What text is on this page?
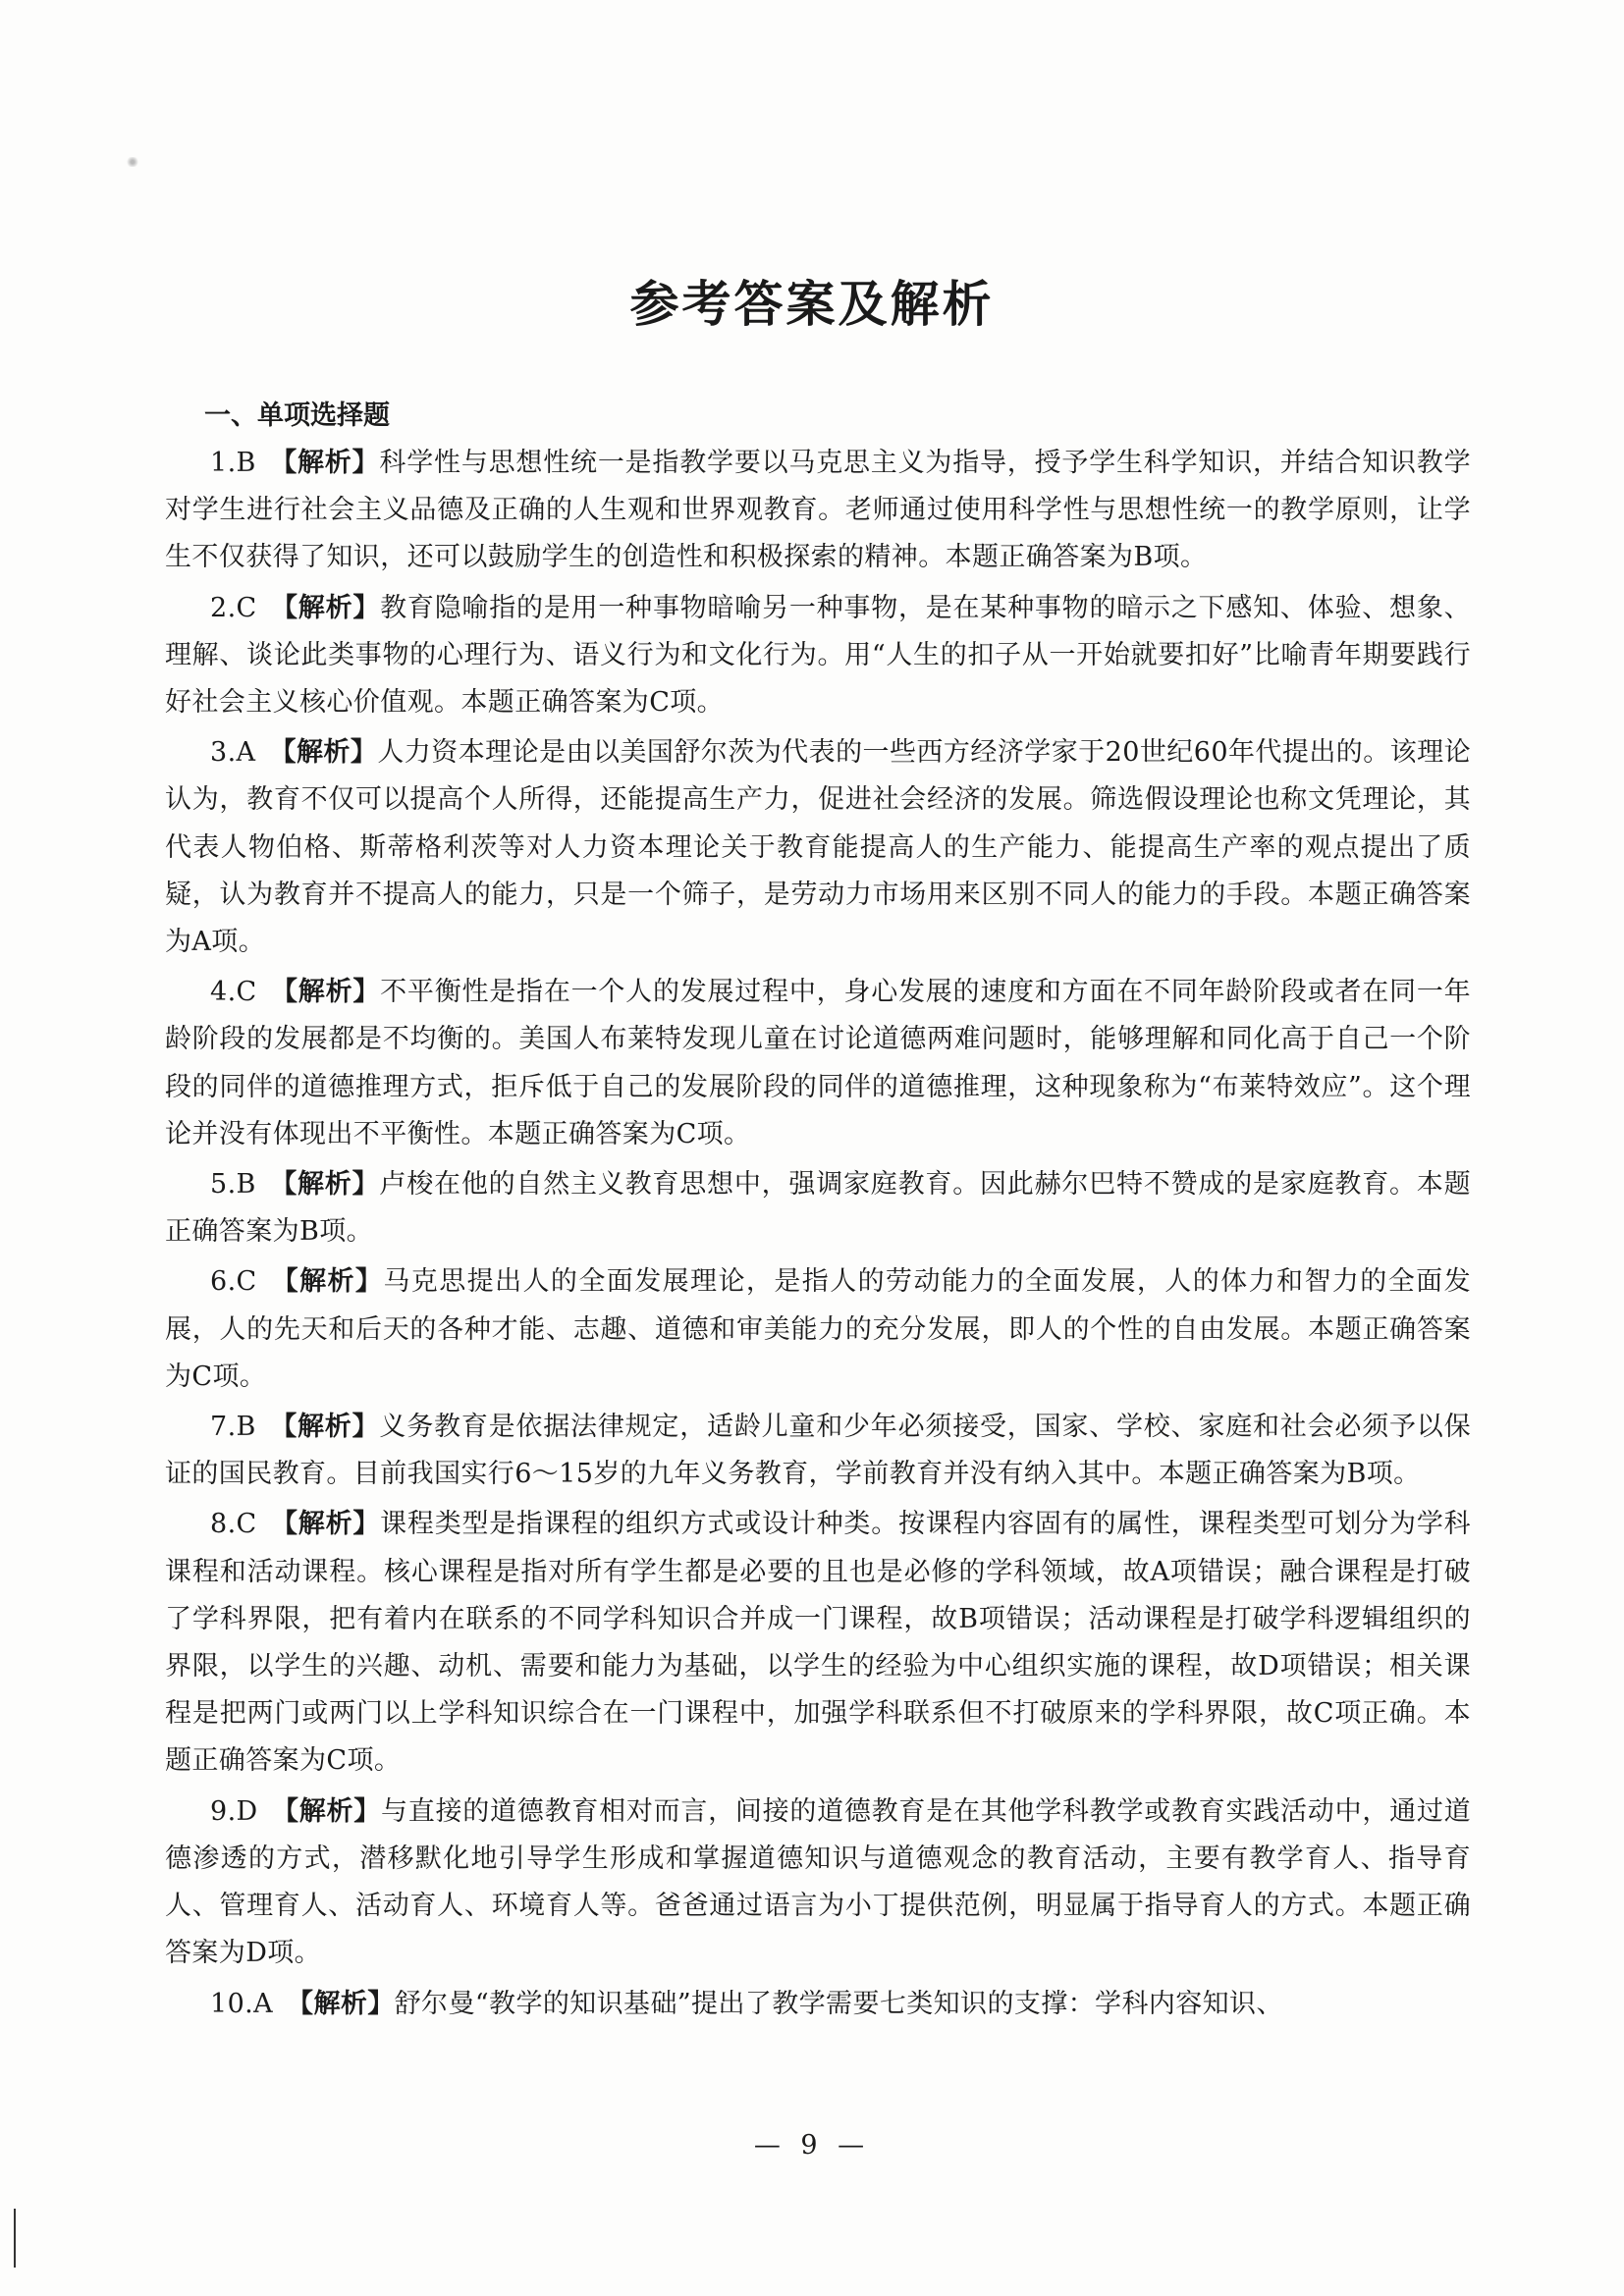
参考答案及解析

一、单项选择题

1.B 【解析】科学性与思想性统一是指教学要以马克思主义为指导，授予学生科学知识，并结合知识教学对学生进行社会主义品德及正确的人生观和世界观教育。老师通过使用科学性与思想性统一的教学原则，让学生不仅获得了知识，还可以鼓励学生的创造性和积极探索的精神。本题正确答案为B项。

2.C 【解析】教育隐喻指的是用一种事物暗喻另一种事物，是在某种事物的暗示之下感知、体验、想象、理解、谈论此类事物的心理行为、语义行为和文化行为。用“人生的扣子从一开始就要扣好”比喻青年期要践行好社会主义核心价值观。本题正确答案为C项。

3.A 【解析】人力资本理论是由以美国舒尔茨为代表的一些西方经济学家于20世纪60年代提出的。该理论认为，教育不仅可以提高个人所得，还能提高生产力，促进社会经济的发展。筛选假设理论也称文凭理论，其代表人物伯格、斯蒂格利茨等对人力资本理论关于教育能提高人的生产能力、能提高生产率的观点提出了质疑，认为教育并不提高人的能力，只是一个筛子，是劳动力市场用来区别不同人的能力的手段。本题正确答案为A项。

4.C 【解析】不平衡性是指在一个人的发展过程中，身心发展的速度和方面在不同年龄阶段或者在同一年龄阶段的发展都是不均衡的。美国人布莱特发现儿童在讨论道德两难问题时，能够理解和同化高于自己一个阶段的同伴的道德推理方式，拒斥低于自己的发展阶段的同伴的道德推理，这种现象称为“布莱特效应”。这个理论并没有体现出不平衡性。本题正确答案为C项。

5.B 【解析】卢梭在他的自然主义教育思想中，强调家庭教育。因此赫尔巴特不赞成的是家庭教育。本题正确答案为B项。

6.C 【解析】马克思提出人的全面发展理论，是指人的劳动能力的全面发展，人的体力和智力的全面发展，人的先天和后天的各种才能、志趣、道德和审美能力的充分发展，即人的个性的自由发展。本题正确答案为C项。

7.B 【解析】义务教育是依据法律规定，适龄儿童和少年必须接受，国家、学校、家庭和社会必须予以保证的国民教育。目前我国实行6～15岁的九年义务教育，学前教育并没有纳入其中。本题正确答案为B项。

8.C 【解析】课程类型是指课程的组织方式或设计种类。按课程内容固有的属性，课程类型可划分为学科课程和活动课程。核心课程是指对所有学生都是必要的且也是必修的学科领域，故A项错误；融合课程是打破了学科界限，把有着内在联系的不同学科知识合并成一门课程，故B项错误；活动课程是打破学科逻辑组织的界限，以学生的兴趣、动机、需要和能力为基础，以学生的经验为中心组织实施的课程，故D项错误；相关课程是把两门或两门以上学科知识综合在一门课程中，加强学科联系但不打破原来的学科界限，故C项正确。本题正确答案为C项。

9.D 【解析】与直接的道德教育相对而言，间接的道德教育是在其他学科教学或教育实践活动中，通过道德渗透的方式，潜移默化地引导学生形成和掌握道德知识与道德观念的教育活动，主要有教学育人、指导育人、管理育人、活动育人、环境育人等。爸爸通过语言为小丁提供范例，明显属于指导育人的方式。本题正确答案为D项。

10.A 【解析】舒尔曼“教学的知识基础”提出了教学需要七类知识的支撑：学科内容知识、

— 9 —
